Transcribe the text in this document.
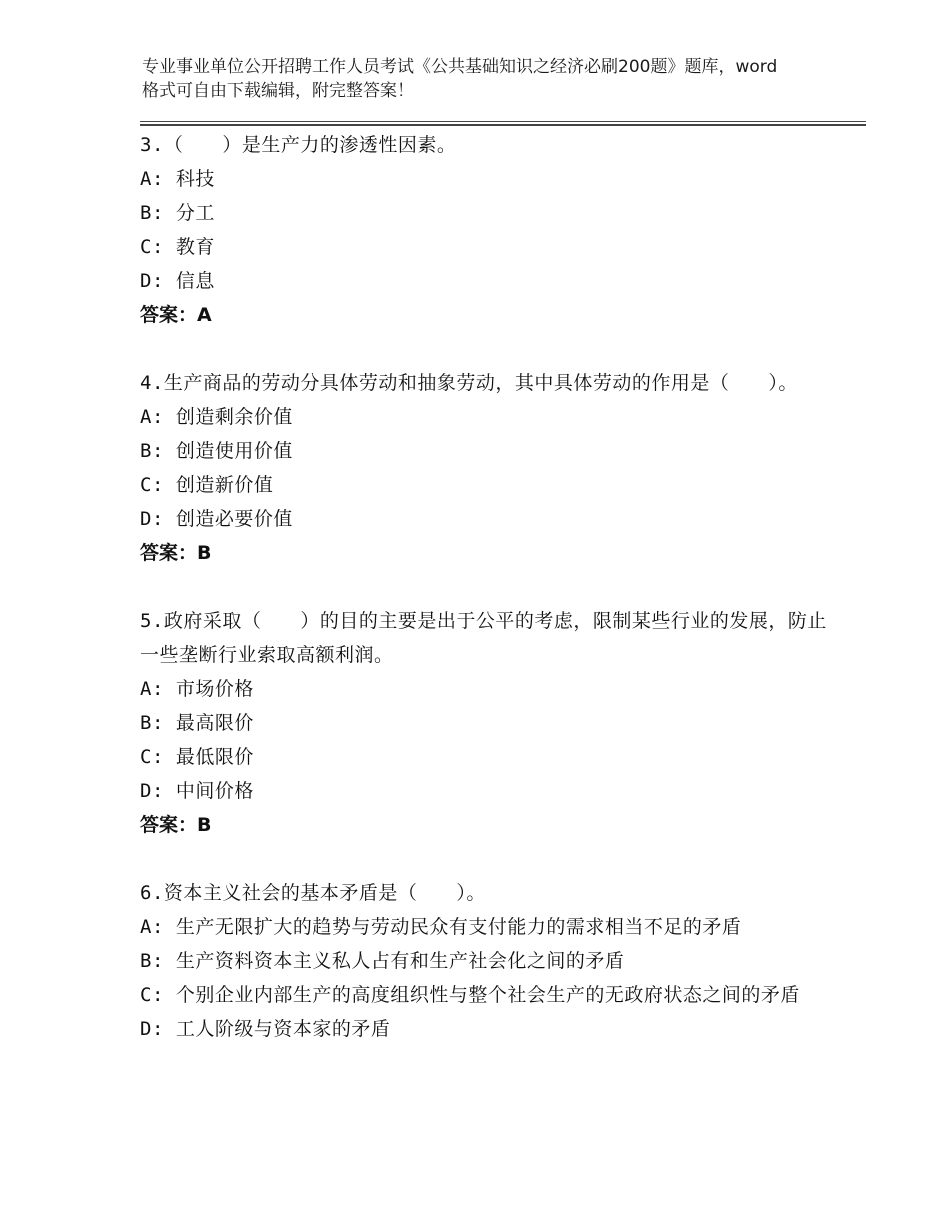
专业事业单位公开招聘工作人员考试《公共基础知识之经济必刷200题》题库，word格式可自由下载编辑，附完整答案！
3.（　　）是生产力的渗透性因素。
A: 科技
B: 分工
C: 教育
D: 信息
答案：A
4.生产商品的劳动分具体劳动和抽象劳动，其中具体劳动的作用是（　　）。
A: 创造剩余价值
B: 创造使用价值
C: 创造新价值
D: 创造必要价值
答案：B
5.政府采取（　　）的目的主要是出于公平的考虑，限制某些行业的发展，防止一些垄断行业索取高额利润。
A: 市场价格
B: 最高限价
C: 最低限价
D: 中间价格
答案：B
6.资本主义社会的基本矛盾是（　　）。
A: 生产无限扩大的趋势与劳动民众有支付能力的需求相当不足的矛盾
B: 生产资料资本主义私人占有和生产社会化之间的矛盾
C: 个别企业内部生产的高度组织性与整个社会生产的无政府状态之间的矛盾
D: 工人阶级与资本家的矛盾
